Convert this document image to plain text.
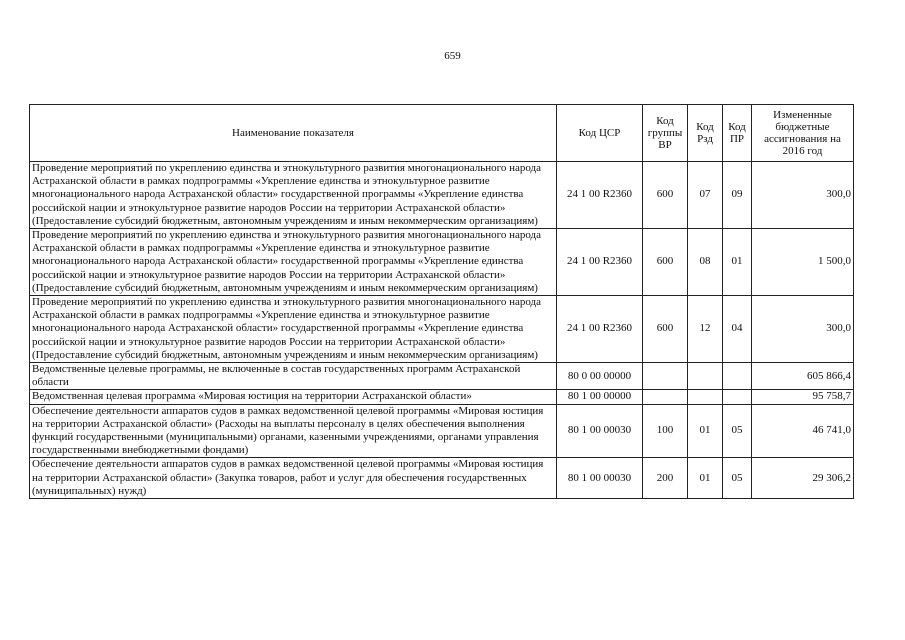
659
Наименование показателя	Код ЦСР	Код группы ВР	Код Рзд	Код ПР	Измененные бюджетные ассигнования на 2016 год
Проведение мероприятий по укреплению единства и этнокультурного развития многонационального народа Астраханской области в рамках подпрограммы «Укрепление единства и этнокультурное развитие многонационального народа Астраханской области» государственной программы «Укрепление единства российской нации и этнокультурное развитие народов России на территории Астраханской области» (Предоставление субсидий бюджетным, автономным учреждениям и иным некоммерческим организациям)	24 1 00 R2360	600	07	09	300,0
Проведение мероприятий по укреплению единства и этнокультурного развития многонационального народа Астраханской области в рамках подпрограммы «Укрепление единства и этнокультурное развитие многонационального народа Астраханской области» государственной программы «Укрепление единства российской нации и этнокультурное развитие народов России на территории Астраханской области» (Предоставление субсидий бюджетным, автономным учреждениям и иным некоммерческим организациям)	24 1 00 R2360	600	08	01	1 500,0
Проведение мероприятий по укреплению единства и этнокультурного развития многонационального народа Астраханской области в рамках подпрограммы «Укрепление единства и этнокультурное развитие многонационального народа Астраханской области» государственной программы «Укрепление единства российской нации и этнокультурное развитие народов России на территории Астраханской области» (Предоставление субсидий бюджетным, автономным учреждениям и иным некоммерческим организациям)	24 1 00 R2360	600	12	04	300,0
Ведомственные целевые программы, не включенные в состав государственных программ Астраханской области	80 0 00 00000				605 866,4
Ведомственная целевая программа «Мировая юстиция на территории Астраханской области»	80 1 00 00000				95 758,7
Обеспечение деятельности аппаратов судов в рамках ведомственной целевой программы «Мировая юстиция на территории Астраханской области» (Расходы на выплаты персоналу в целях обеспечения выполнения функций государственными (муниципальными) органами, казенными учреждениями, органами управления государственными внебюджетными фондами)	80 1 00 00030	100	01	05	46 741,0
Обеспечение деятельности аппаратов судов в рамках ведомственной целевой программы «Мировая юстиция на территории Астраханской области» (Закупка товаров, работ и услуг для обеспечения государственных (муниципальных) нужд)	80 1 00 00030	200	01	05	29 306,2
